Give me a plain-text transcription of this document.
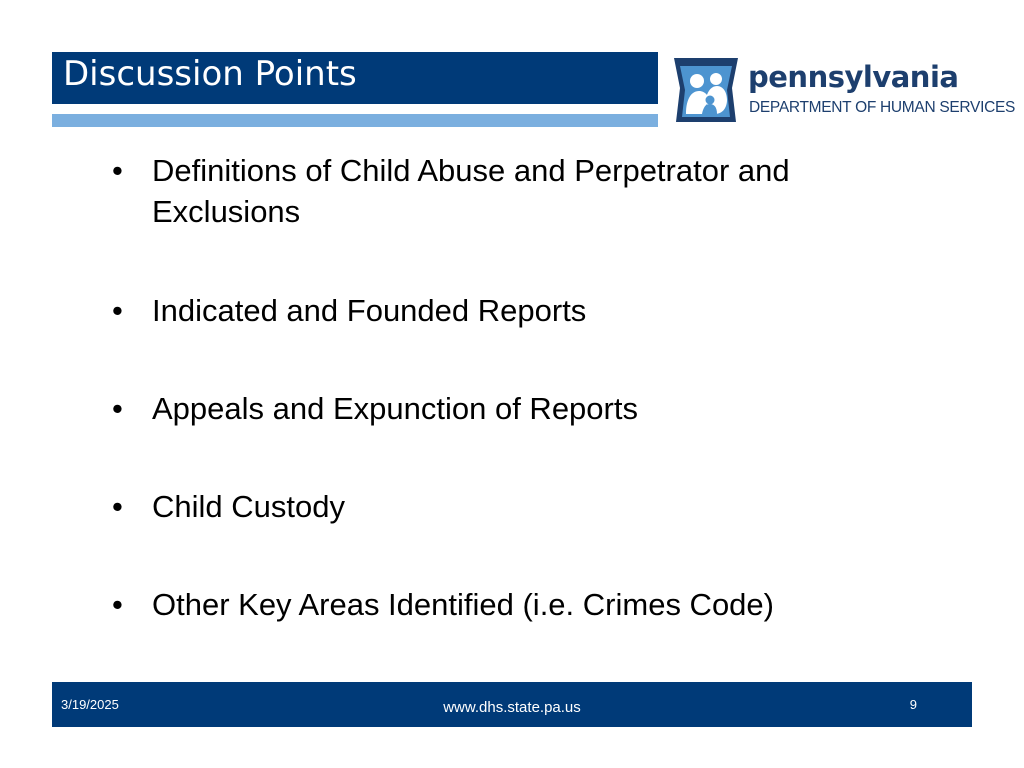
Discussion Points	pennsylvania
DEPARTMENT OF HUMAN SERVICES
• Definitions of Child Abuse and Perpetrator and Exclusions
• Indicated and Founded Reports
• Appeals and Expunction of Reports
• Child Custody
• Other Key Areas Identified (i.e. Crimes Code)
3/19/2025	www.dhs.state.pa.us	9
